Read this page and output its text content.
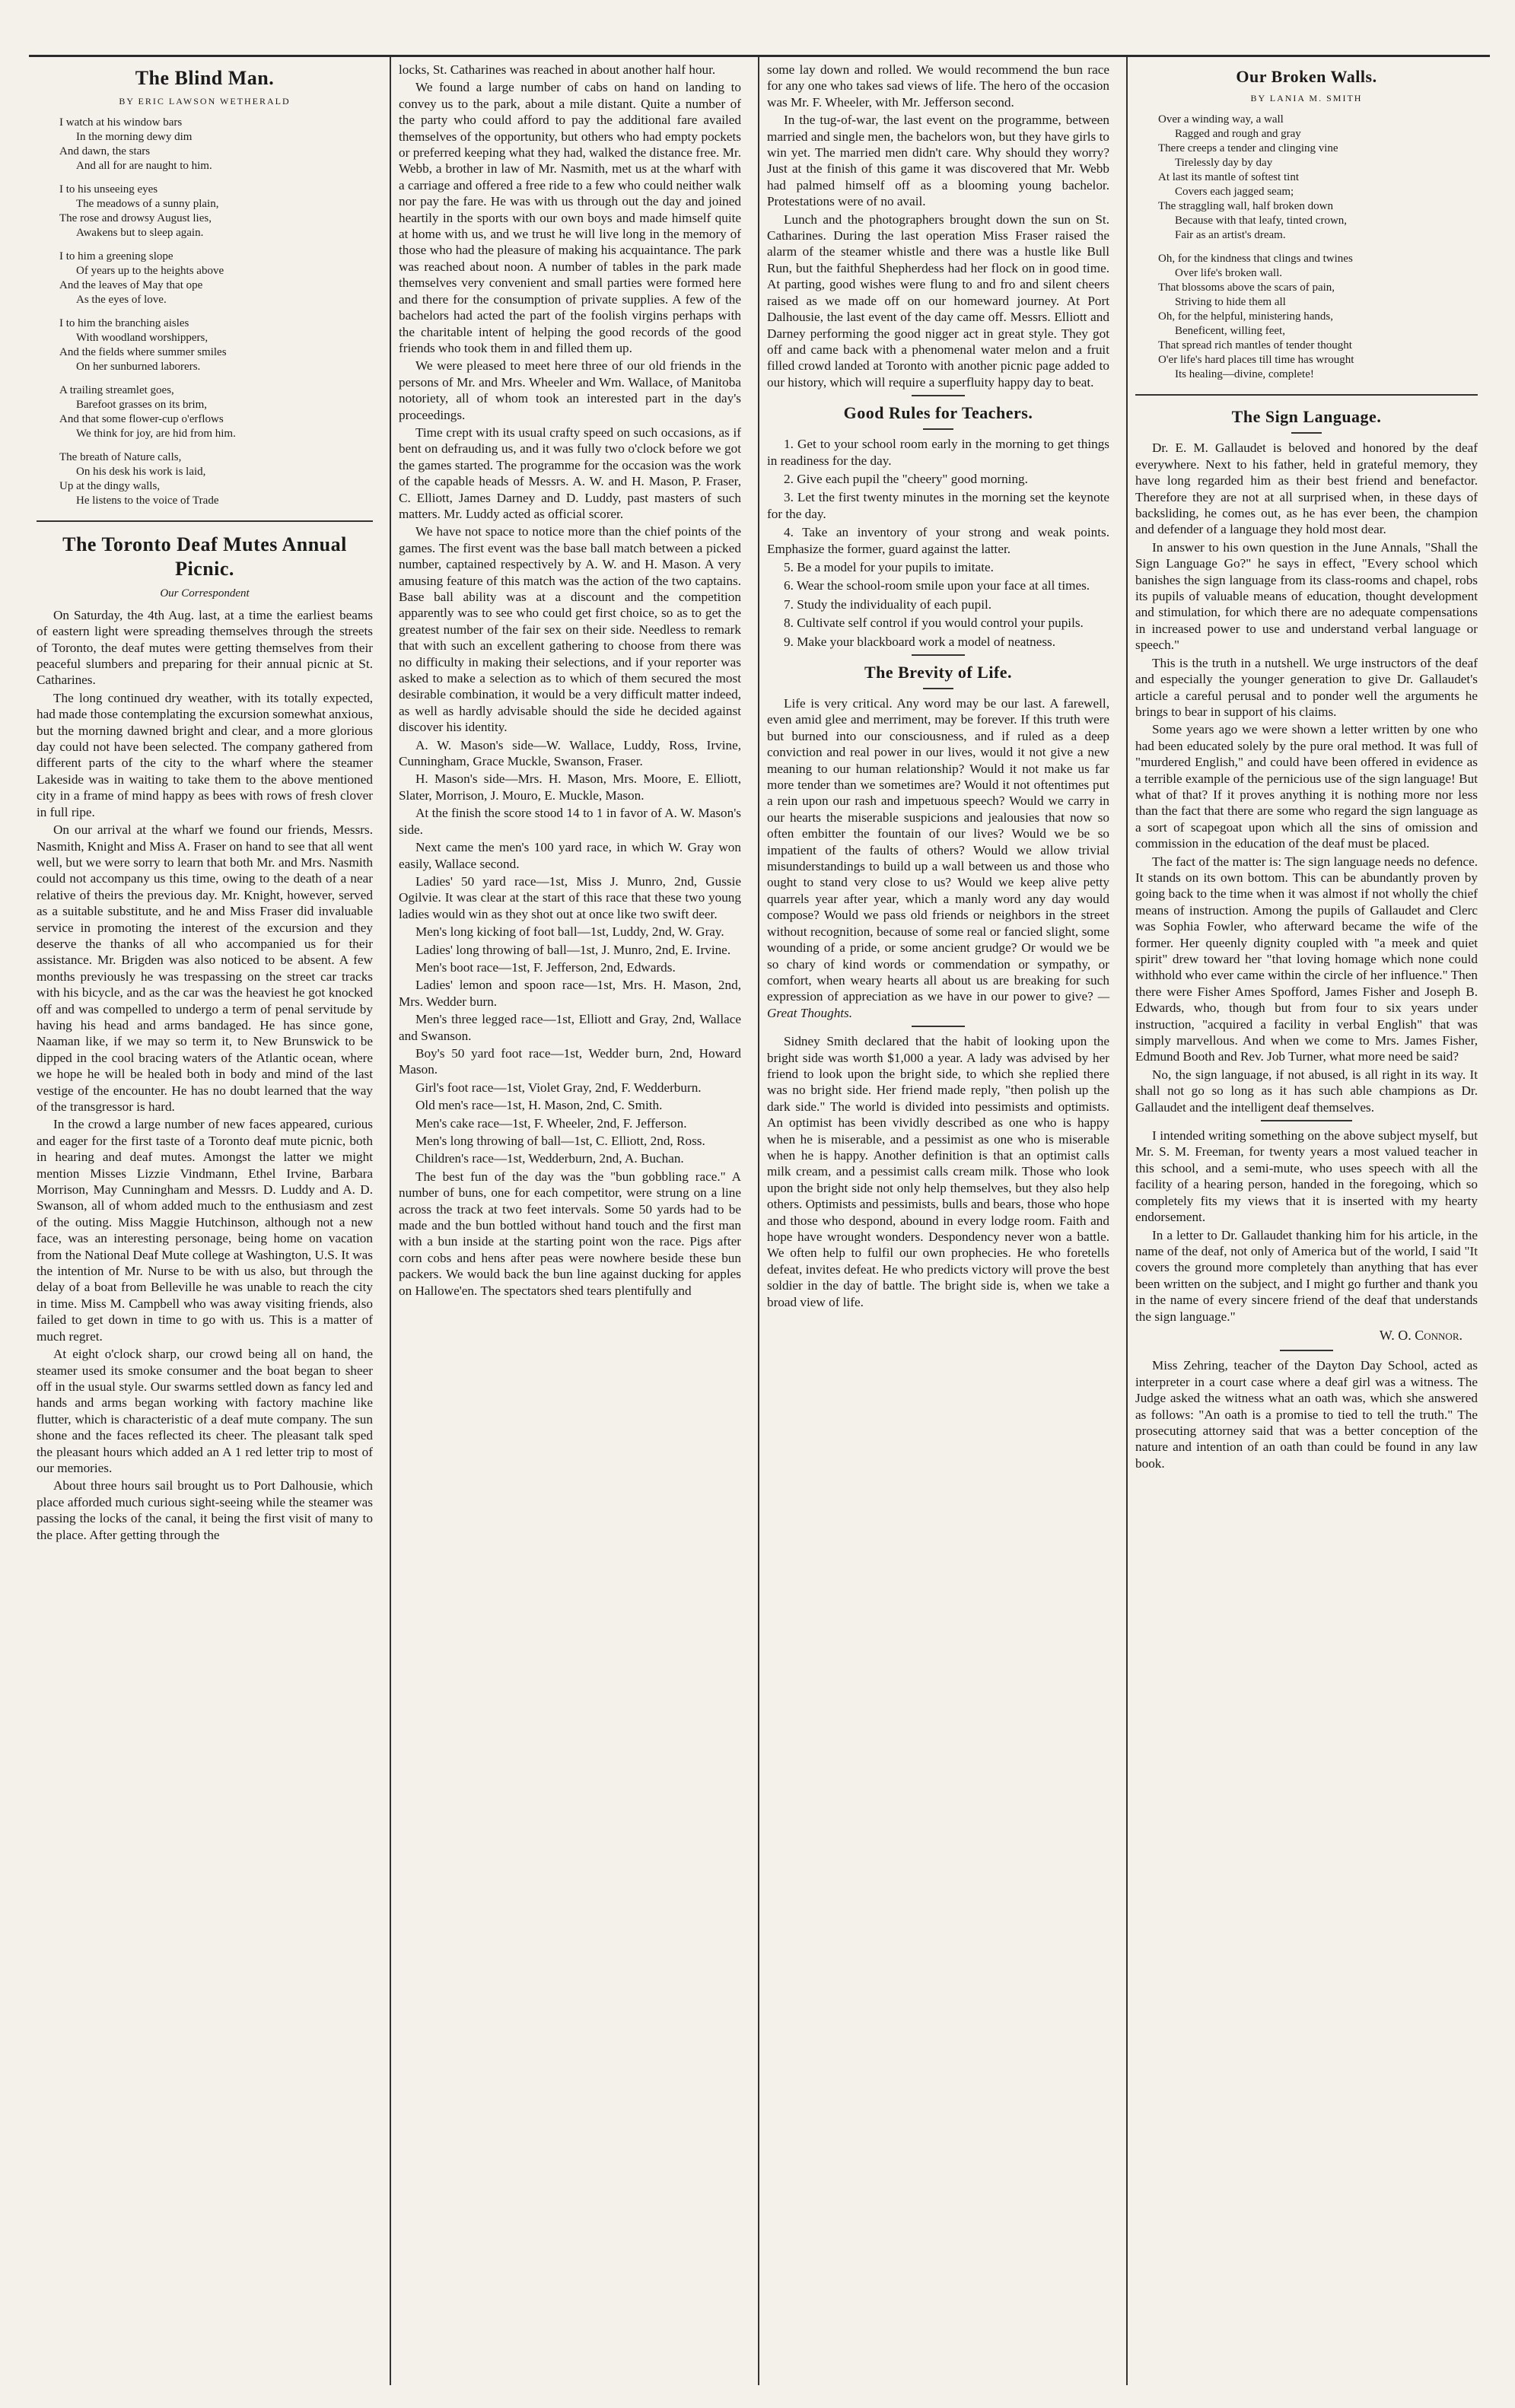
The Blind Man.
BY ERIC LAWSON WETHERALD

I watch at his window bars
In the morning dewy dim
And dawn, the stars
And all for are naught to him.

I to his unseeing eyes
The meadows of a sunny plain,
The rose and drowsy August lies,
Awakens but to sleep again.

I to him a greening slope
Of years up to the heights above
And the leaves of May that ope
As the eyes of love.

I to him the branching aisles
With woodland worshippers,
And the fields where summer smiles
On her sunburned laborers.

A trailing streamlet goes,
Barefoot grasses on its brim,
And that some flower-cup o'erflows
We think for joy, are hid from him.

The breath of Nature calls,
On his desk his work is laid,
Up at the dingy walls,
He listens to the voice of Trade

The Toronto Deaf Mutes Annual Picnic.
Our Correspondent

On Saturday, the 4th Aug. last, at a time the earliest beams of eastern light were spreading themselves through the streets of Toronto, the deaf mutes were getting themselves from their peaceful slumbers and preparing for their annual picnic at St. Catharines.

The long continued dry weather, with its totally expected, had made those contemplating the excursion somewhat anxious, but the morning dawned bright and clear, and a more glorious day could not have been selected. The company gathered from different parts of the city to the wharf where the steamer Lakeside was in waiting to take them to the above mentioned city in a frame of mind happy as bees with rows of fresh clover in full ripe.

On our arrival at the wharf we found our friends, Messrs. Nasmith, Knight and Miss A. Fraser on hand to see that all went well, but we were sorry to learn that both Mr. and Mrs. Nasmith could not accompany us this time, owing to the death of a near relative of theirs the previous day. Mr. Knight, however, served as a suitable substitute, and he and Miss Fraser did invaluable service in promoting the interest of the excursion and they deserve the thanks of all who accompanied us for their assistance. Mr. Brigden was also noticed to be absent. A few months previously he was trespassing on the street car tracks with his bicycle, and as the car was the heaviest he got knocked off and was compelled to undergo a term of penal servitude by having his head and arms bandaged. He has since gone, Naaman like, if we may so term it, to New Brunswick to be dipped in the cool bracing waters of the Atlantic ocean, where we hope he will be healed both in body and mind of the last vestige of the encounter. He has no doubt learned that the way of the transgressor is hard.

In the crowd a large number of new faces appeared, curious and eager for the first taste of a Toronto deaf mute picnic, both in hearing and deaf mutes. Amongst the latter we might mention Misses Lizzie Vindmann, Ethel Irvine, Barbara Morrison, May Cunningham and Messrs. D. Luddy and A. D. Swanson, all of whom added much to the enthusiasm and zest of the outing. Miss Maggie Hutchinson, although not a new face, was an interesting personage, being home on vacation from the National Deaf Mute college at Washington, U.S. It was the intention of Mr. Nurse to be with us also, but through the delay of a boat from Belleville he was unable to reach the city in time. Miss M. Campbell who was away visiting friends, also failed to get down in time to go with us. This is a matter of much regret.

At eight o'clock sharp, our crowd being all on hand, the steamer used its smoke consumer and the boat began to sheer off in the usual style. Our swarms settled down as fancy led and hands and arms began working with factory machine like flutter, which is characteristic of a deaf mute company. The sun shone and the faces reflected its cheer. The pleasant talk sped the pleasant hours which added an A 1 red letter trip to most of our memories.

About three hours sail brought us to Port Dalhousie, which place afforded much curious sight-seeing while the steamer was passing the locks of the canal, it being the first visit of many to the place. After getting through the

locks, St. Catharines was reached in about another half hour.

We found a large number of cabs on hand on landing to convey us to the park, about a mile distant. Quite a number of the party who could afford to pay the additional fare availed themselves of the opportunity, but others who had empty pockets or preferred keeping what they had, walked the distance free. Mr. Webb, a brother in law of Mr. Nasmith, met us at the wharf with a carriage and offered a free ride to a few who could neither walk nor pay the fare. He was with us through out the day and joined heartily in the sports with our own boys and made himself quite at home with us, and we trust he will live long in the memory of those who had the pleasure of making his acquaintance. The park was reached about noon. A number of tables in the park made themselves very convenient and small parties were formed here and there for the consumption of private supplies. A few of the bachelors had acted the part of the foolish virgins perhaps with the charitable intent of helping the good records of the good friends who took them in and filled them up.

We were pleased to meet here three of our old friends in the persons of Mr. and Mrs. Wheeler and Wm. Wallace, of Manitoba notoriety, all of whom took an interested part in the day's proceedings.

Time crept with its usual crafty speed on such occasions, as if bent on defrauding us, and it was fully two o'clock before we got the games started. The programme for the occasion was the work of the capable heads of Messrs. A. W. and H. Mason, P. Fraser, C. Elliott, James Darney and D. Luddy, past masters of such matters. Mr. Luddy acted as official scorer.

We have not space to notice more than the chief points of the games. The first event was the base ball match between a picked number, captained respectively by A. W. and H. Mason. A very amusing feature of this match was the action of the two captains. Base ball ability was at a discount and the competition apparently was to see who could get first choice, so as to get the greatest number of the fair sex on their side. Needless to remark that with such an excellent gathering to choose from there was no difficulty in making their selections, and if your reporter was asked to make a selection as to which of them secured the most desirable combination, it would be a very difficult matter indeed, as well as hardly advisable should the side he decided against discover his identity.

A. W. Mason's side—W. Wallace, Luddy, Ross, Irvine, Cunningham, Grace Muckle, Swanson, Fraser.

H. Mason's side—Mrs. H. Mason, Mrs. Moore, E. Elliott, Slater, Morrison, J. Mouro, E. Muckle, Mason.

At the finish the score stood 14 to 1 in favor of A. W. Mason's side.

Next came the men's 100 yard race, in which W. Gray won easily, Wallace second.

Ladies' 50 yard race—1st, Miss J. Munro, 2nd, Gussie Ogilvie. It was clear at the start of this race that these two young ladies would win as they shot out at once like two swift deer.

Men's long kicking of foot ball—1st, Luddy, 2nd, W. Gray.

Ladies' long throwing of ball—1st, J. Munro, 2nd, E. Irvine.

Men's boot race—1st, F. Jefferson, 2nd, Edwards.

Ladies' lemon and spoon race—1st, Mrs. H. Mason, 2nd, Mrs. Wedder burn.

Men's three legged race—1st, Elliott and Gray, 2nd, Wallace and Swanson.

Boy's 50 yard foot race—1st, Wedder burn, 2nd, Howard Mason.

Girl's foot race—1st, Violet Gray, 2nd, F. Wedderburn.

Old men's race—1st, H. Mason, 2nd, C. Smith.

Men's cake race—1st, F. Wheeler, 2nd, F. Jefferson.

Men's long throwing of ball—1st, C. Elliott, 2nd, Ross.

Children's race—1st, Wedderburn, 2nd, A. Buchan.

The best fun of the day was the "bun gobbling race." A number of buns, one for each competitor, were strung on a line across the track at two feet intervals. Some 50 yards had to be made and the bun bottled without hand touch and the first man with a bun inside at the starting point won the race. Pigs after corn cobs and hens after peas were nowhere beside these bun packers. We would back the bun line against ducking for apples on Hallowe'en. The spectators shed tears plentifully and

some lay down and rolled. We would recommend the bun race for any one who takes sad views of life. The hero of the occasion was Mr. F. Wheeler, with Mr. Jefferson second.

In the tug-of-war, the last event on the programme, between married and single men, the bachelors won, but they have girls to win yet. The married men didn't care. Why should they worry? Just at the finish of this game it was discovered that Mr. Webb had palmed himself off as a blooming young bachelor. Protestations were of no avail.

Lunch and the photographers brought down the sun on St. Catharines. During the last operation Miss Fraser raised the alarm of the steamer whistle and there was a hustle like Bull Run, but the faithful Shepherdess had her flock on in good time. At parting, good wishes were flung to and fro and silent cheers raised as we made off on our homeward journey. At Port Dalhousie, the last event of the day came off. Messrs. Elliott and Darney performing the good nigger act in great style. They got off and came back with a phenomenal water melon and a fruit filled crowd landed at Toronto with another picnic page added to our history, which will require a superfluity happy day to beat.

Good Rules for Teachers.

1. Get to your school room early in the morning to get things in readiness for the day.

2. Give each pupil the "cheery" good morning.

3. Let the first twenty minutes in the morning set the keynote for the day.

4. Take an inventory of your strong and weak points. Emphasize the former, guard against the latter.

5. Be a model for your pupils to imitate.

6. Wear the school-room smile upon your face at all times.

7. Study the individuality of each pupil.

8. Cultivate self control if you would control your pupils.

9. Make your blackboard work a model of neatness.

The Brevity of Life.

Life is very critical. Any word may be our last. A farewell, even amid glee and merriment, may be forever. If this truth were but burned into our consciousness, and if ruled as a deep conviction and real power in our lives, would it not give a new meaning to our human relationship? Would it not make us far more tender than we sometimes are? Would it not oftentimes put a rein upon our rash and impetuous speech? Would we carry in our hearts the miserable suspicions and jealousies that now so often embitter the fountain of our lives? Would we be so impatient of the faults of others? Would we allow trivial misunderstandings to build up a wall between us and those who ought to stand very close to us? Would we keep alive petty quarrels year after year, which a manly word any day would compose? Would we pass old friends or neighbors in the street without recognition, because of some real or fancied slight, some wounding of a pride, or some ancient grudge? Or would we be so chary of kind words or commendation or sympathy, or comfort, when weary hearts all about us are breaking for such expression of appreciation as we have in our power to give? —Great Thoughts.

Sidney Smith declared that the habit of looking upon the bright side was worth $1,000 a year. A lady was advised by her friend to look upon the bright side, to which she replied there was no bright side. Her friend made reply, "then polish up the dark side." The world is divided into pessimists and optimists. An optimist has been vividly described as one who is happy when he is miserable, and a pessimist as one who is miserable when he is happy. Another definition is that an optimist calls milk cream, and a pessimist calls cream milk. Those who look upon the bright side not only help themselves, but they also help others. Optimists and pessimists, bulls and bears, those who hope and those who despond, abound in every lodge room. Faith and hope have wrought wonders. Despondency never won a battle. We often help to fulfil our own prophecies. He who foretells defeat, invites defeat. He who predicts victory will prove the best soldier in the day of battle. The bright side is, when we take a broad view of life.

Our Broken Walls.
BY LANIA M. SMITH

Over a winding way, a wall
Ragged and rough and gray
There creeps a tender and clinging vine
Tirelessly day by day
At last its mantle of softest tint
Covers each jagged seam;
The straggling wall, half broken down
Because with that leafy, tinted crown,
Fair as an artist's dream.

Oh, for the kindness that clings and twines
Over life's broken wall.
That blossoms above the scars of pain,
Striving to hide them all
Oh, for the helpful, ministering hands,
Beneficent, willing feet,
That spread rich mantles of tender thought
O'er life's hard places till time has wrought
Its healing—divine, complete!

The Sign Language.

Dr. E. M. Gallaudet is beloved and honored by the deaf everywhere. Next to his father, held in grateful memory, they have long regarded him as their best friend and benefactor. Therefore they are not at all surprised when, in these days of backsliding, he comes out, as he has ever been, the champion and defender of a language they hold most dear.

In answer to his own question in the June Annals, "Shall the Sign Language Go?" he says in effect, "Every school which banishes the sign language from its class-rooms and chapel, robs its pupils of valuable means of education, thought development and stimulation, for which there are no adequate compensations in increased power to use and understand verbal language or speech."

This is the truth in a nutshell. We urge instructors of the deaf and especially the younger generation to give Dr. Gallaudet's article a careful perusal and to ponder well the arguments he brings to bear in support of his claims.

Some years ago we were shown a letter written by one who had been educated solely by the pure oral method. It was full of "murdered English," and could have been offered in evidence as a terrible example of the pernicious use of the sign language! But what of that? If it proves anything it is nothing more nor less than the fact that there are some who regard the sign language as a sort of scapegoat upon which all the sins of omission and commission in the education of the deaf must be placed.

The fact of the matter is: The sign language needs no defence. It stands on its own bottom. This can be abundantly proven by going back to the time when it was almost if not wholly the chief means of instruction. Among the pupils of Gallaudet and Clerc was Sophia Fowler, who afterward became the wife of the former. Her queenly dignity coupled with "a meek and quiet spirit" drew toward her "that loving homage which none could withhold who ever came within the circle of her influence." Then there were Fisher Ames Spofford, James Fisher and Joseph B. Edwards, who, though but from four to six years under instruction, "acquired a facility in verbal English" that was simply marvellous. And when we come to Mrs. James Fisher, Edmund Booth and Rev. Job Turner, what more need be said?

No, the sign language, if not abused, is all right in its way. It shall not go so long as it has such able champions as Dr. Gallaudet and the intelligent deaf themselves.

I intended writing something on the above subject myself, but Mr. S. M. Freeman, for twenty years a most valued teacher in this school, and a semi-mute, who uses speech with all the facility of a hearing person, handed in the foregoing, which so completely fits my views that it is inserted with my hearty endorsement.

In a letter to Dr. Gallaudet thanking him for his article, in the name of the deaf, not only of America but of the world, I said "It covers the ground more completely than anything that has ever been written on the subject, and I might go further and thank you in the name of every sincere friend of the deaf that understands the sign language."

W. O. Connor.

Miss Zehring, teacher of the Dayton Day School, acted as interpreter in a court case where a deaf girl was a witness. The Judge asked the witness what an oath was, which she answered as follows: "An oath is a promise to tied to tell the truth." The prosecuting attorney said that was a better conception of the nature and intention of an oath than could be found in any law book.
